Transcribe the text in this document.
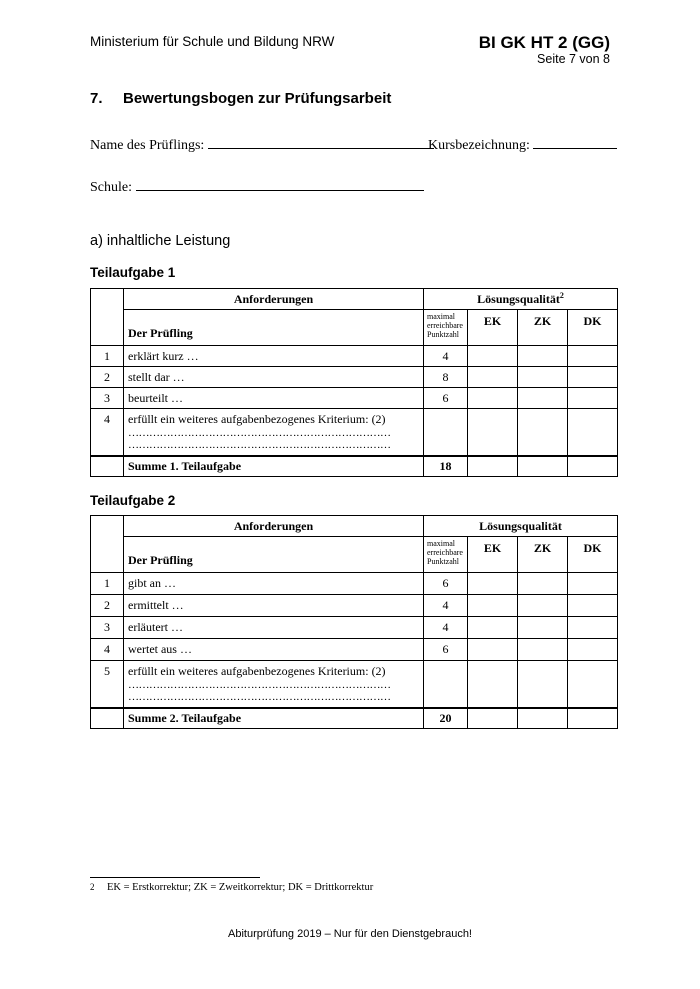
Ministerium für Schule und Bildung NRW	BI GK HT 2 (GG)
Seite 7 von 8
7. Bewertungsbogen zur Prüfungsarbeit
Name des Prüflings:	Kursbezeichnung:
Schule:
a) inhaltliche Leistung
Teilaufgabe 1
	Anforderungen	Lösungsqualität$^2$
	Der Prüfling	maximal erreichbare Punktzahl	EK	ZK	DK
1	erklärt kurz …	4			
2	stellt dar …	8			
3	beurteilt …	6			
4	erfüllt ein weiteres aufgabenbezogenes Kriterium: (2)
…………………………………………………………………
…………………………………………………………………				

	Summe 1. Teilaufgabe	18			
Teilaufgabe 2
	Anforderungen	Lösungsqualität			
	Der Prüfling	maximal erreichbare Punktzahl	EK	ZK	DK
1	gibt an …	6			
2	ermittelt …	4			
3	erläutert …	4			
4	wertet aus …	6			
5	erfüllt ein weiteres aufgabenbezogenes Kriterium: (2)
…………………………………………………………………
…………………………………………………………………				

	Summe 2. Teilaufgabe	20			
2 EK = Erstkorrektur; ZK = Zweitkorrektur; DK = Drittkorrektur
Abiturprüfung 2019 – Nur für den Dienstgebrauch!
